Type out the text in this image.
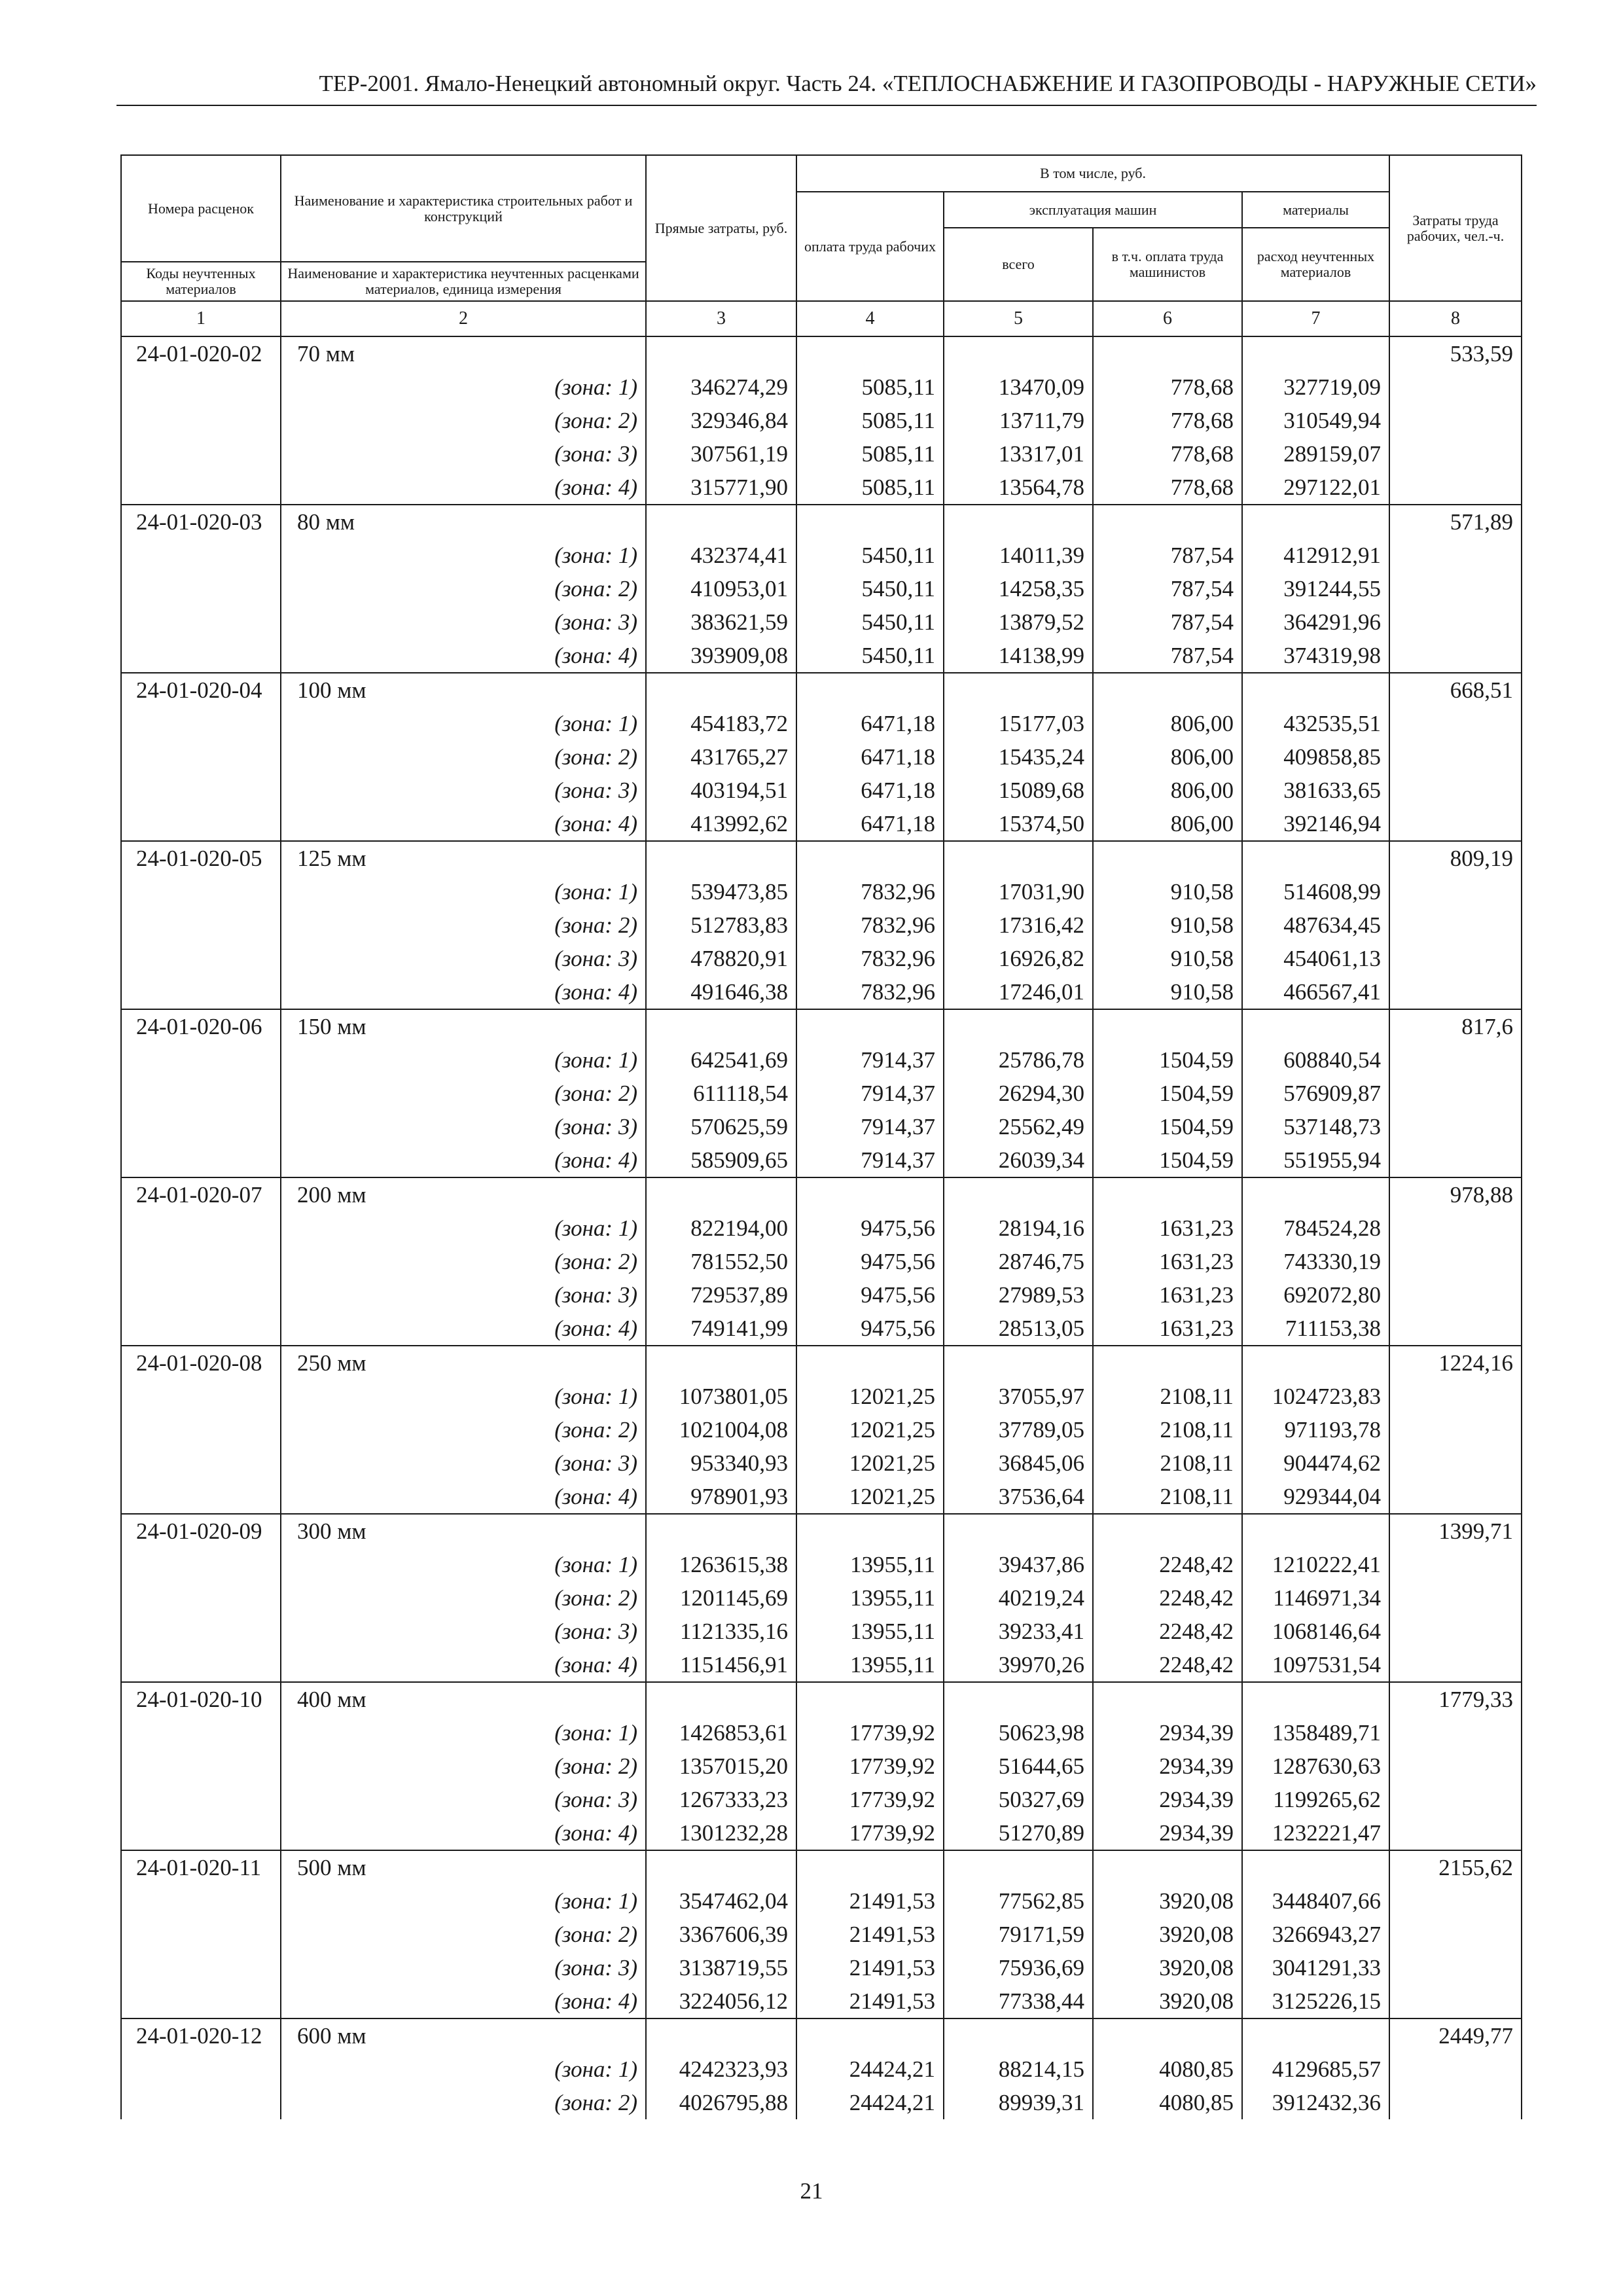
ТЕР-2001. Ямало-Ненецкий автономный округ. Часть 24. «ТЕПЛОСНАБЖЕНИЕ И ГАЗОПРОВОДЫ - НАРУЖНЫЕ СЕТИ»
Номера расценок	Наименование и характеристика строительных работ и конструкций	Прямые затраты, руб.	В том числе, руб.				Затраты труда рабочих, чел.-ч.
			оплата труда рабочих	эксплуатация машин		материалы	
				всего	в т.ч. оплата труда машинистов	расход неучтенных материалов	
Коды неучтенных материалов	Наименование и характеристика неучтенных расценками материалов, единица измерения						
1	2	3	4	5	6	7	8
24-01-020-02	70 мм						533,59
	(зона: 1)	346274,29	5085,11	13470,09	778,68	327719,09	
	(зона: 2)	329346,84	5085,11	13711,79	778,68	310549,94	
	(зона: 3)	307561,19	5085,11	13317,01	778,68	289159,07	
	(зона: 4)	315771,90	5085,11	13564,78	778,68	297122,01	
24-01-020-03	80 мм						571,89
	(зона: 1)	432374,41	5450,11	14011,39	787,54	412912,91	
	(зона: 2)	410953,01	5450,11	14258,35	787,54	391244,55	
	(зона: 3)	383621,59	5450,11	13879,52	787,54	364291,96	
	(зона: 4)	393909,08	5450,11	14138,99	787,54	374319,98	
24-01-020-04	100 мм						668,51
	(зона: 1)	454183,72	6471,18	15177,03	806,00	432535,51	
	(зона: 2)	431765,27	6471,18	15435,24	806,00	409858,85	
	(зона: 3)	403194,51	6471,18	15089,68	806,00	381633,65	
	(зона: 4)	413992,62	6471,18	15374,50	806,00	392146,94	
24-01-020-05	125 мм						809,19
	(зона: 1)	539473,85	7832,96	17031,90	910,58	514608,99	
	(зона: 2)	512783,83	7832,96	17316,42	910,58	487634,45	
	(зона: 3)	478820,91	7832,96	16926,82	910,58	454061,13	
	(зона: 4)	491646,38	7832,96	17246,01	910,58	466567,41	
24-01-020-06	150 мм						817,6
	(зона: 1)	642541,69	7914,37	25786,78	1504,59	608840,54	
	(зона: 2)	611118,54	7914,37	26294,30	1504,59	576909,87	
	(зона: 3)	570625,59	7914,37	25562,49	1504,59	537148,73	
	(зона: 4)	585909,65	7914,37	26039,34	1504,59	551955,94	
24-01-020-07	200 мм						978,88
	(зона: 1)	822194,00	9475,56	28194,16	1631,23	784524,28	
	(зона: 2)	781552,50	9475,56	28746,75	1631,23	743330,19	
	(зона: 3)	729537,89	9475,56	27989,53	1631,23	692072,80	
	(зона: 4)	749141,99	9475,56	28513,05	1631,23	711153,38	
24-01-020-08	250 мм						1224,16
	(зона: 1)	1073801,05	12021,25	37055,97	2108,11	1024723,83	
	(зона: 2)	1021004,08	12021,25	37789,05	2108,11	971193,78	
	(зона: 3)	953340,93	12021,25	36845,06	2108,11	904474,62	
	(зона: 4)	978901,93	12021,25	37536,64	2108,11	929344,04	
24-01-020-09	300 мм						1399,71
	(зона: 1)	1263615,38	13955,11	39437,86	2248,42	1210222,41	
	(зона: 2)	1201145,69	13955,11	40219,24	2248,42	1146971,34	
	(зона: 3)	1121335,16	13955,11	39233,41	2248,42	1068146,64	
	(зона: 4)	1151456,91	13955,11	39970,26	2248,42	1097531,54	
24-01-020-10	400 мм						1779,33
	(зона: 1)	1426853,61	17739,92	50623,98	2934,39	1358489,71	
	(зона: 2)	1357015,20	17739,92	51644,65	2934,39	1287630,63	
	(зона: 3)	1267333,23	17739,92	50327,69	2934,39	1199265,62	
	(зона: 4)	1301232,28	17739,92	51270,89	2934,39	1232221,47	
24-01-020-11	500 мм						2155,62
	(зона: 1)	3547462,04	21491,53	77562,85	3920,08	3448407,66	
	(зона: 2)	3367606,39	21491,53	79171,59	3920,08	3266943,27	
	(зона: 3)	3138719,55	21491,53	75936,69	3920,08	3041291,33	
	(зона: 4)	3224056,12	21491,53	77338,44	3920,08	3125226,15	
24-01-020-12	600 мм						2449,77
	(зона: 1)	4242323,93	24424,21	88214,15	4080,85	4129685,57	
	(зона: 2)	4026795,88	24424,21	89939,31	4080,85	3912432,36	
21
